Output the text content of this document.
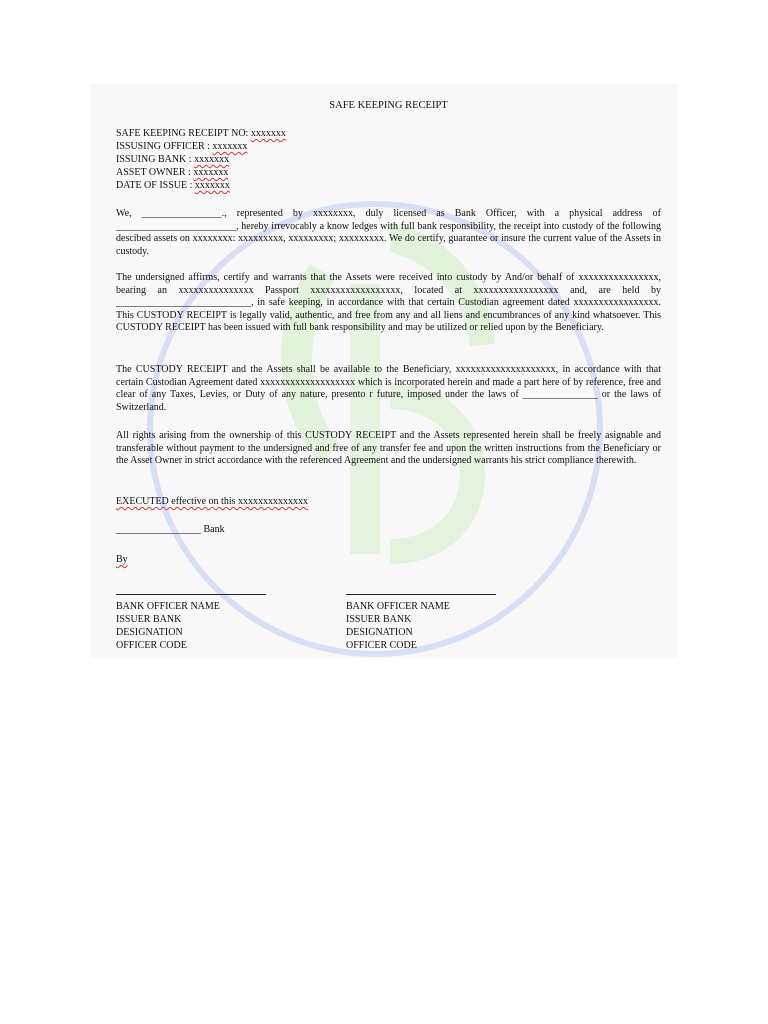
SAFE KEEPING RECEIPT
SAFE KEEPING RECEIPT NO: xxxxxxx
ISSUSING OFFICER : xxxxxxx
ISSUING BANK : xxxxxxx
ASSET OWNER : xxxxxxx
DATE OF ISSUE : xxxxxxx
We, ________________., represented by xxxxxxxx, duly licensed as Bank Officer, with a physical address of ________________________, hereby irrevocably a know ledges with full bank responsibility, the receipt into custody of the following descibed assets on xxxxxxxx: xxxxxxxxx, xxxxxxxxx; xxxxxxxxx. We do certify, guarantee or insure the current value of the Assets in custody.
The undersigned affirms, certify and warrants that the Assets were received into custody by And/or behalf of xxxxxxxxxxxxxxxx, bearing an xxxxxxxxxxxxxxx Passport xxxxxxxxxxxxxxxxxx, located at xxxxxxxxxxxxxxxxx and, are held by ___________________________, in safe keeping, in accordance with that certain Custodian agreement dated xxxxxxxxxxxxxxxxx. This CUSTODY RECEIPT is legally valid, authentic, and free from any and all liens and encumbrances of any kind whatsoever. This CUSTODY RECEIPT has been issued with full bank responsibility and may be utilized or relied upon by the Beneficiary.
The CUSTODY RECEIPT and the Assets shall be available to the Beneficiary, xxxxxxxxxxxxxxxxxxxx, in accordance with that certain Custodian Agreement dated xxxxxxxxxxxxxxxxxxx which is incorporated herein and made a part here of by reference, free and clear of any Taxes, Levies, or Duty of any nature, presento r future, imposed under the laws of _______________ or the laws of Switzerland.
All rights arising from the ownership of this CUSTODY RECEIPT and the Assets represented herein shall be freely asignable and transferable without payment to the undersigned and free of any transfer fee and upon the written instructions from the Beneficiary or the Asset Owner in strict accordance with the referenced Agreement and the undersigned warrants his strict compliance therewith.
EXECUTED effective on this xxxxxxxxxxxxxx
_________________ Bank
By
BANK OFFICER NAME
ISSUER BANK
DESIGNATION
OFFICER CODE
BANK OFFICER NAME
ISSUER BANK
DESIGNATION
OFFICER CODE
